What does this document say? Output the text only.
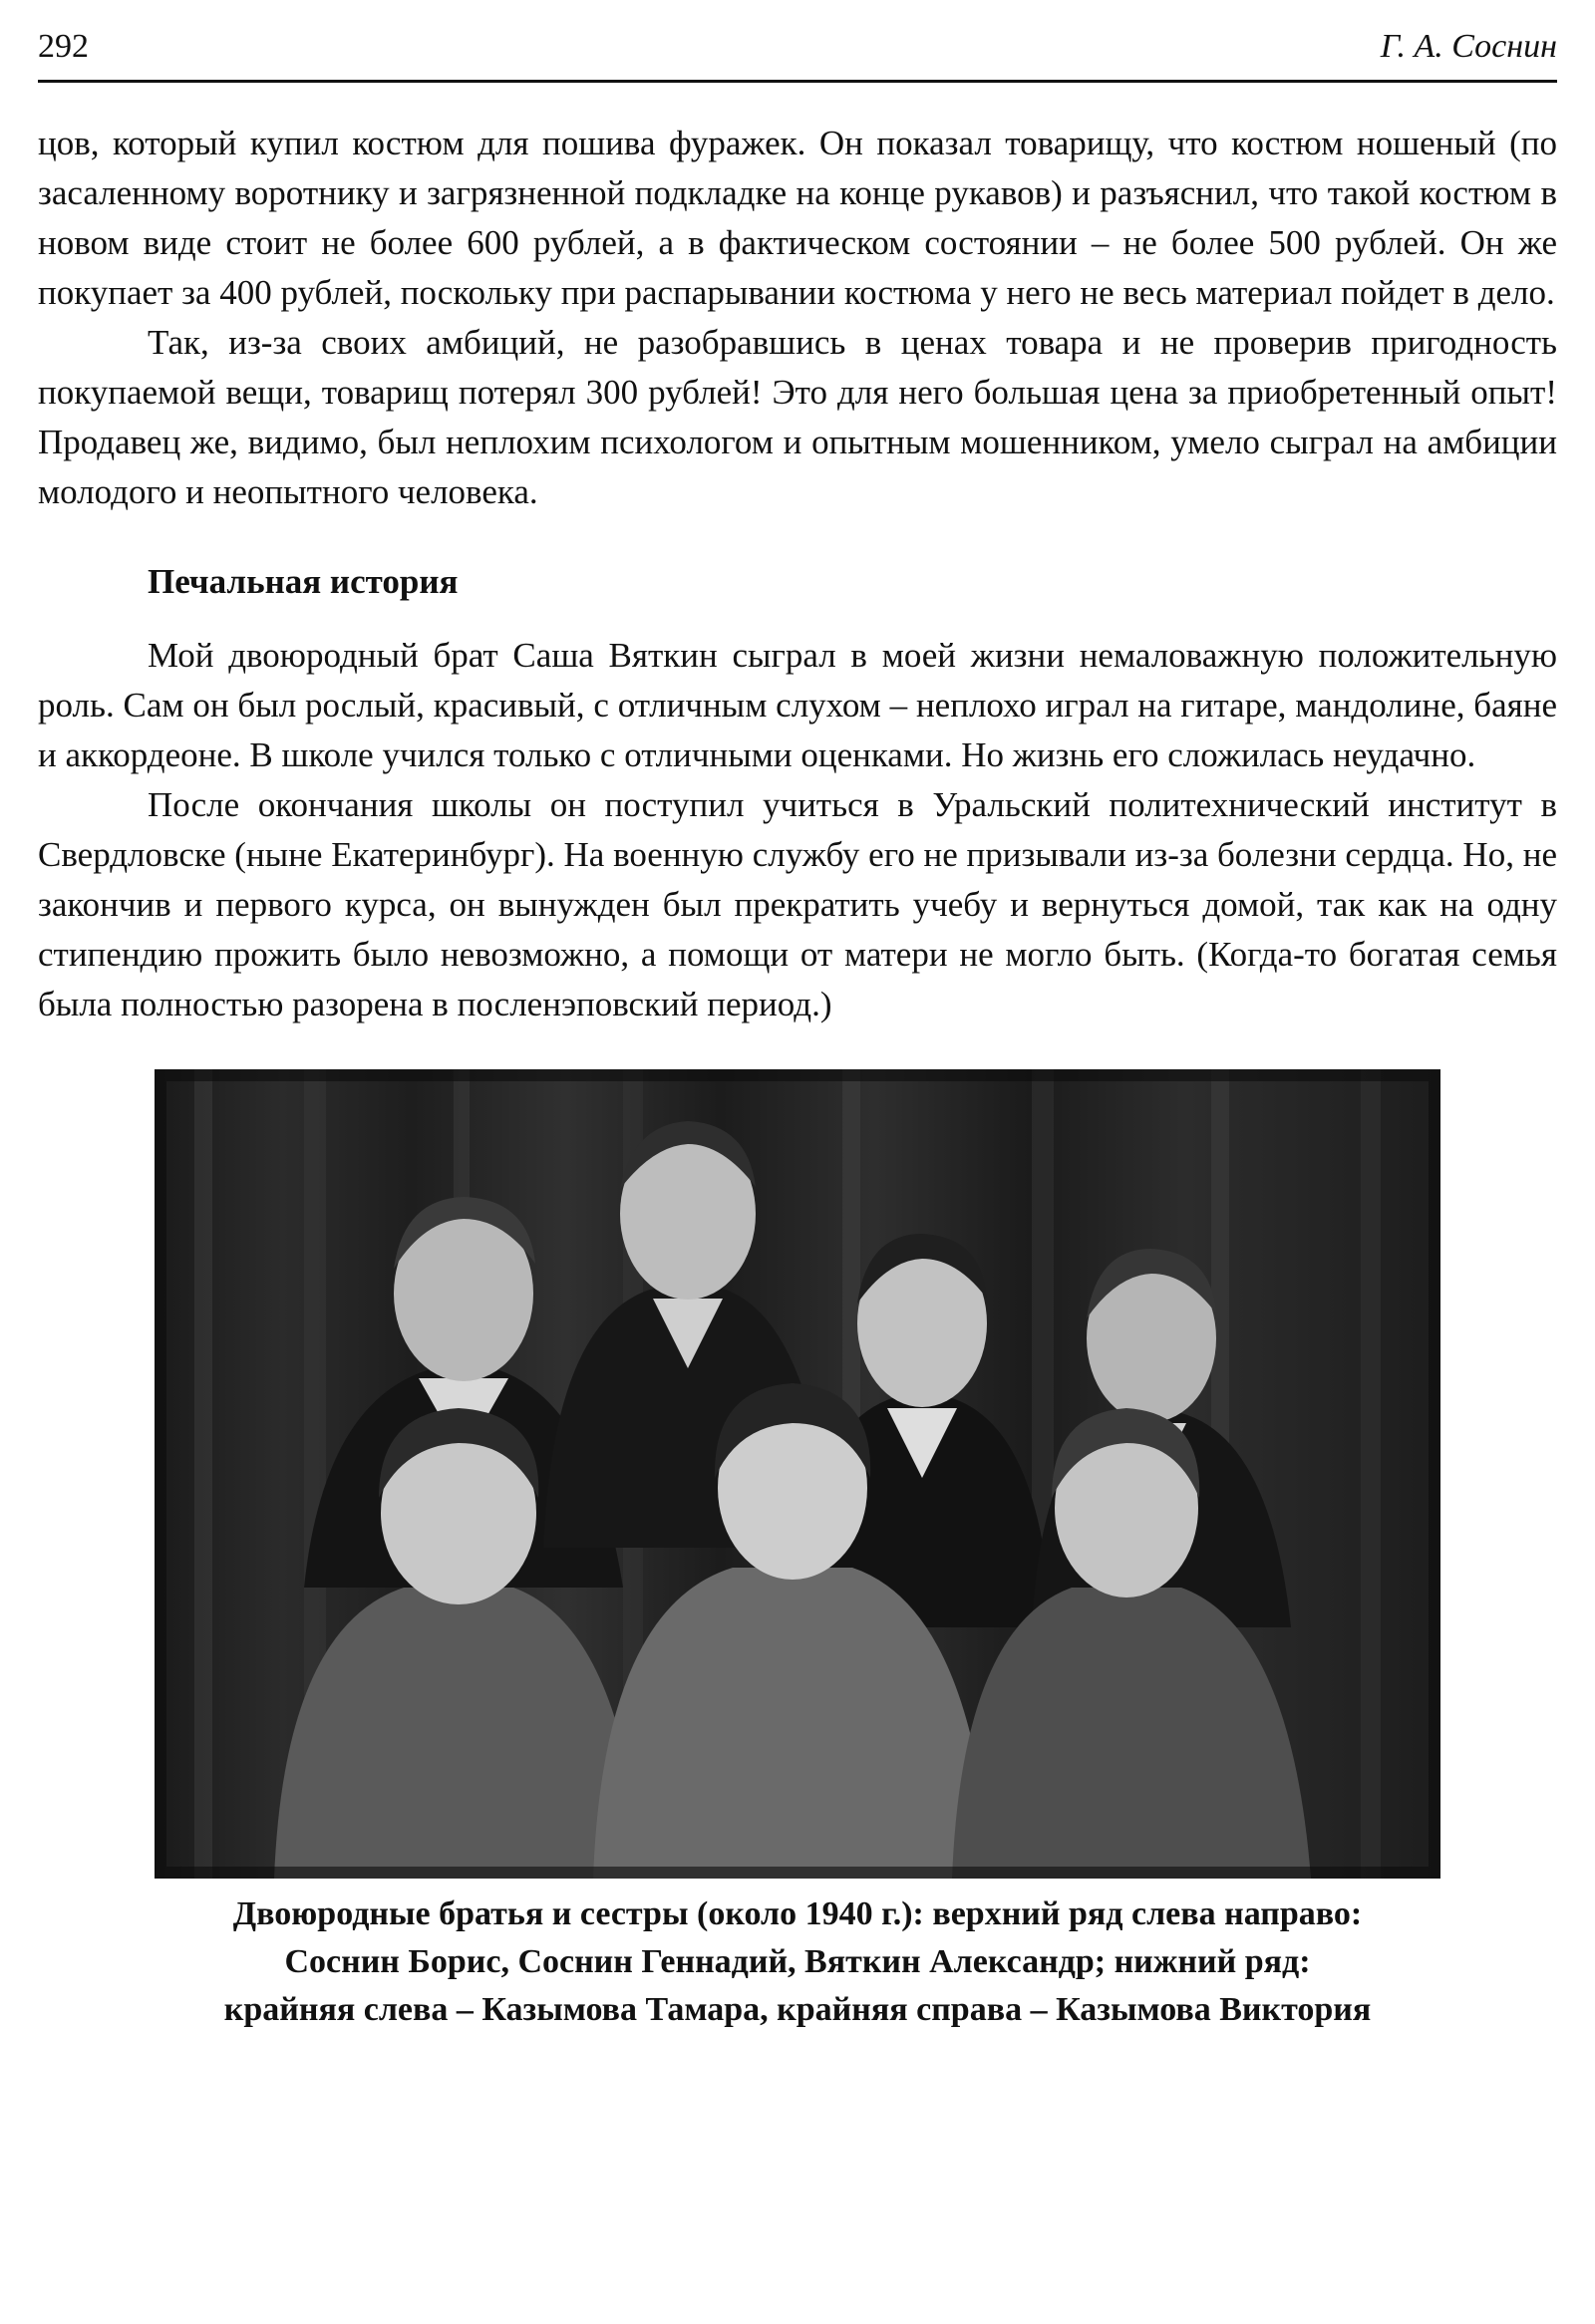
292	Г. А. Соснин

цов, который купил костюм для пошива фуражек. Он показал товарищу, что костюм ношеный (по засаленному воротнику и загрязненной подкладке на конце рукавов) и разъяснил, что такой костюм в новом виде стоит не более 600 рублей, а в фактическом состоянии – не более 500 рублей. Он же покупает за 400 рублей, поскольку при распарывании костюма у него не весь материал пойдет в дело.

Так, из-за своих амбиций, не разобравшись в ценах товара и не проверив пригодность покупаемой вещи, товарищ потерял 300 рублей! Это для него большая цена за приобретенный опыт! Продавец же, видимо, был неплохим психологом и опытным мошенником, умело сыграл на амбиции молодого и неопытного человека.

Печальная история

Мой двоюродный брат Саша Вяткин сыграл в моей жизни немаловажную положительную роль. Сам он был рослый, красивый, с отличным слухом – неплохо играл на гитаре, мандолине, баяне и аккордеоне. В школе учился только с отличными оценками. Но жизнь его сложилась неудачно.

После окончания школы он поступил учиться в Уральский политехнический институт в Свердловске (ныне Екатеринбург). На военную службу его не призывали из-за болезни сердца. Но, не закончив и первого курса, он вынужден был прекратить учебу и вернуться домой, так как на одну стипендию прожить было невозможно, а помощи от матери не могло быть. (Когда-то богатая семья была полностью разорена в посленэповский период.)

Двоюродные братья и сестры (около 1940 г.): верхний ряд слева направо:
Соснин Борис, Соснин Геннадий, Вяткин Александр; нижний ряд:
крайняя слева – Казымова Тамара, крайняя справа – Казымова Виктория
